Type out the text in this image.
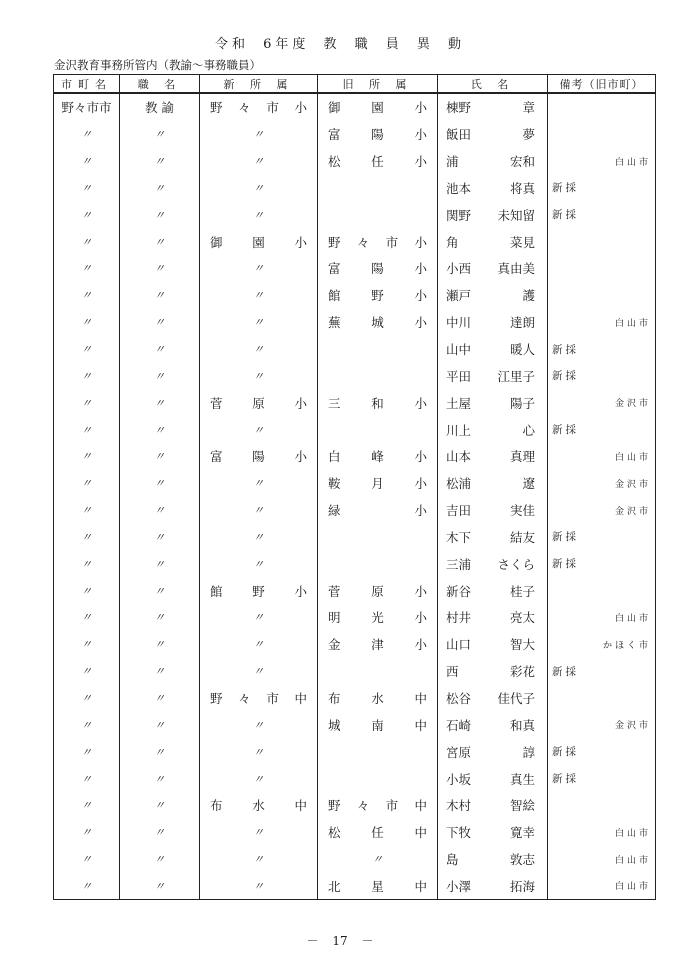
令和 6年度 教 職 員 異 動
金沢教育事務所管内（教諭～事務職員）
市町名	職 名	新 所 属	旧 所 属	氏 名	備考（旧市町）
野々市市	教 諭	野 々 市 小	御 園 小	棟野 章	

〃	〃	〃	富 陽 小	飯田 夢	

〃	〃	〃	松 任 小	浦 宏和	白山市

〃	〃	〃		池本 将真	新採

〃	〃	〃		関野 未知留	新採

〃	〃	御 園 小	野 々 市 小	角 菜見	

〃	〃	〃	富 陽 小	小西 真由美	

〃	〃	〃	館 野 小	瀬戸 護	

〃	〃	〃	蕪 城 小	中川 達朗	白山市

〃	〃	〃		山中 暖人	新採

〃	〃	〃		平田 江里子	新採

〃	〃	菅 原 小	三 和 小	土屋 陽子	金沢市

〃	〃	〃		川上 心	新採

〃	〃	富 陽 小	白 峰 小	山本 真理	白山市

〃	〃	〃	鞍 月 小	松浦 遼	金沢市

〃	〃	〃	緑 小	吉田 実佳	金沢市

〃	〃	〃		木下 結友	新採

〃	〃	〃		三浦 さくら	新採

〃	〃	館 野 小	菅 原 小	新谷 桂子	

〃	〃	〃	明 光 小	村井 亮太	白山市

〃	〃	〃	金 津 小	山口 智大	かほく市

〃	〃	〃		西 彩花	新採

〃	〃	野 々 市 中	布 水 中	松谷 佳代子	

〃	〃	〃	城 南 中	石崎 和真	金沢市

〃	〃	〃		宮原 諄	新採

〃	〃	〃		小坂 真生	新採

〃	〃	布 水 中	野 々 市 中	木村 智絵	

〃	〃	〃	松 任 中	下牧 寛幸	白山市

〃	〃	〃	〃	島 敦志	白山市

〃	〃	〃	北 星 中	小澤 拓海	白山市
－ 17 －
